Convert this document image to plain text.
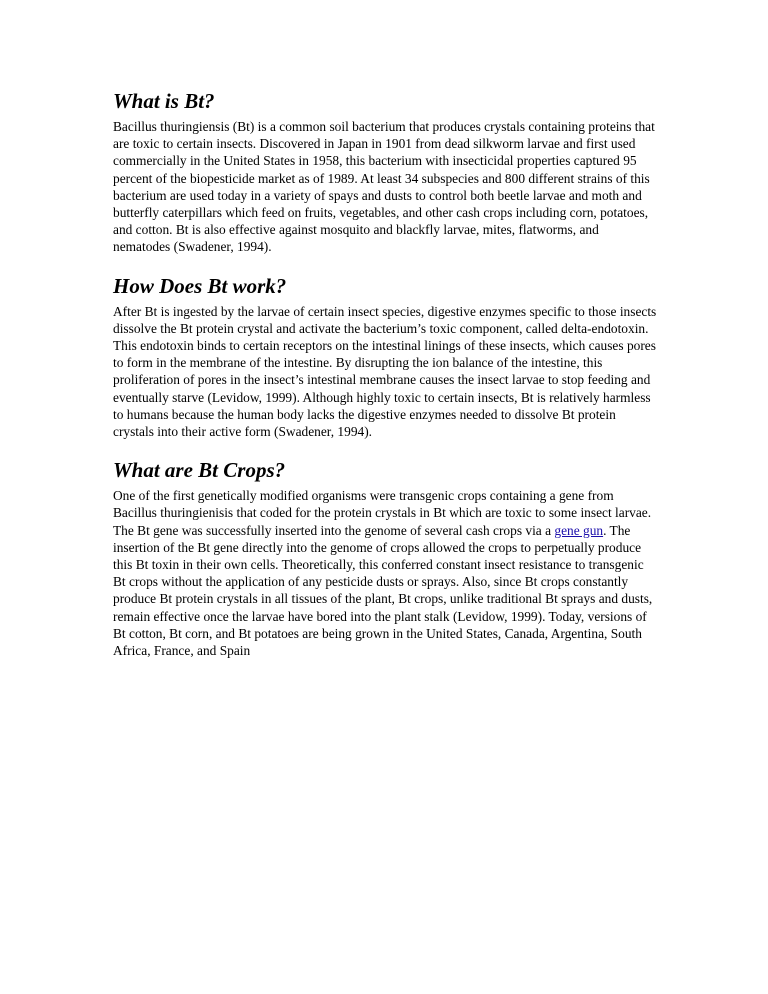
What is Bt?

Bacillus thuringiensis (Bt) is a common soil bacterium that produces crystals containing proteins that are toxic to certain insects. Discovered in Japan in 1901 from dead silkworm larvae and first used commercially in the United States in 1958, this bacterium with insecticidal properties captured 95 percent of the biopesticide market as of 1989. At least 34 subspecies and 800 different strains of this bacterium are used today in a variety of spays and dusts to control both beetle larvae and moth and butterfly caterpillars which feed on fruits, vegetables, and other cash crops including corn, potatoes, and cotton. Bt is also effective against mosquito and blackfly larvae, mites, flatworms, and nematodes (Swadener, 1994).

How Does Bt work?

After Bt is ingested by the larvae of certain insect species, digestive enzymes specific to those insects dissolve the Bt protein crystal and activate the bacterium’s toxic component, called delta-endotoxin. This endotoxin binds to certain receptors on the intestinal linings of these insects, which causes pores to form in the membrane of the intestine. By disrupting the ion balance of the intestine, this proliferation of pores in the insect’s intestinal membrane causes the insect larvae to stop feeding and eventually starve (Levidow, 1999). Although highly toxic to certain insects, Bt is relatively harmless to humans because the human body lacks the digestive enzymes needed to dissolve Bt protein crystals into their active form (Swadener, 1994).

What are Bt Crops?

One of the first genetically modified organisms were transgenic crops containing a gene from Bacillus thuringienisis that coded for the protein crystals in Bt which are toxic to some insect larvae. The Bt gene was successfully inserted into the genome of several cash crops via a gene gun. The insertion of the Bt gene directly into the genome of crops allowed the crops to perpetually produce this Bt toxin in their own cells. Theoretically, this conferred constant insect resistance to transgenic Bt crops without the application of any pesticide dusts or sprays. Also, since Bt crops constantly produce Bt protein crystals in all tissues of the plant, Bt crops, unlike traditional Bt sprays and dusts, remain effective once the larvae have bored into the plant stalk (Levidow, 1999). Today, versions of Bt cotton, Bt corn, and Bt potatoes are being grown in the United States, Canada, Argentina, South Africa, France, and Spain
